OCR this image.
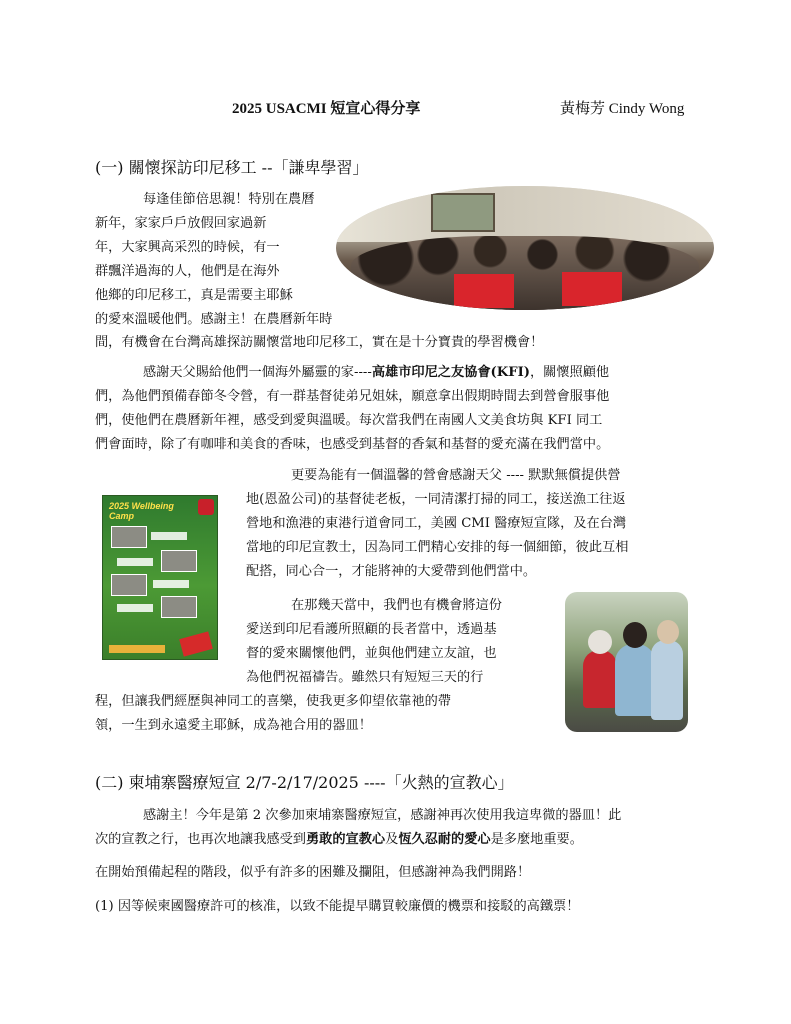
2025 USACMI 短宣心得分享	黃梅芳 Cindy Wong
(一) 關懷探訪印尼移工 --「謙卑學習」
每逢佳節倍思親！特別在農曆
新年，家家戶戶放假回家過新
年，大家興高采烈的時候，有一
群飄洋過海的人，他們是在海外
他鄉的印尼移工，真是需要主耶穌
的愛來溫暖他們。感謝主！在農曆新年時
間，有機會在台灣高雄探訪關懷當地印尼移工，實在是十分寶貴的學習機會！
感謝天父賜給他們一個海外屬靈的家----高雄市印尼之友協會(KFI)，關懷照顧他
們，為他們預備春節冬令營，有一群基督徒弟兄姐妹，願意拿出假期時間去到營會服事他
們，使他們在農曆新年裡，感受到愛與溫暖。每次當我們在南國人文美食坊與 KFI 同工
們會面時，除了有咖啡和美食的香味，也感受到基督的香氣和基督的愛充滿在我們當中。
2025 Wellbeing Camp
更要為能有一個溫馨的營會感謝天父 ---- 默默無償提供營
地(恩盈公司)的基督徒老板，一同清潔打掃的同工，接送漁工往返
營地和漁港的東港行道會同工，美國 CMI 醫療短宣隊，及在台灣
當地的印尼宣教士，因為同工們精心安排的每一個細節，彼此互相
配搭，同心合一，才能將神的大愛帶到他們當中。
在那幾天當中，我們也有機會將這份
愛送到印尼看護所照顧的長者當中，透過基
督的愛來關懷他們，並與他們建立友誼，也
為他們祝福禱告。雖然只有短短三天的行
程，但讓我們經歷與神同工的喜樂，使我更多仰望依靠祂的帶
領，一生到永遠愛主耶穌，成為祂合用的器皿！
(二) 柬埔寨醫療短宣 2/7-2/17/2025 ----「火熱的宣教心」
感謝主！今年是第 2 次參加柬埔寨醫療短宣，感謝神再次使用我這卑微的器皿！此
次的宣教之行，也再次地讓我感受到勇敢的宣教心及恆久忍耐的愛心是多麼地重要。
在開始預備起程的階段，似乎有許多的困難及攔阻，但感謝神為我們開路！
(1) 因等候柬國醫療許可的核准，以致不能提早購買較廉價的機票和接駁的高鐵票！
